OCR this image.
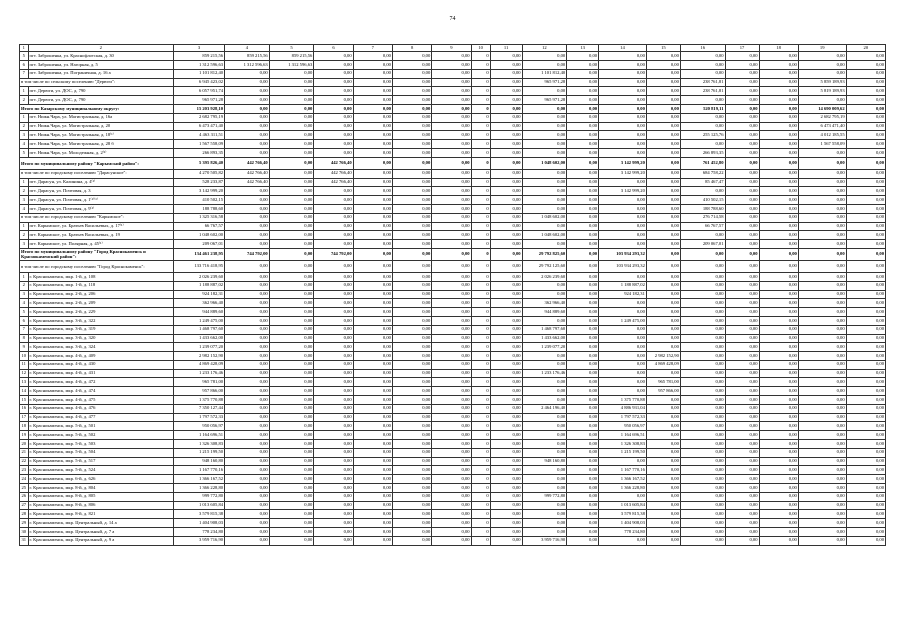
74
1	2	3	4	5	6	7	8	9	10	11	12	13	14	15	16	17	18	19	20
5	пгт. Заброшенка, ул. Краснофлотская, д. 30	859 215,56	859 215,56	859 215,56	0,00	0,00	0,00	0,00	0	0,00	0,00	0,00	0,00	0,00	0,00	0,00	0,00	0,00	0,00
6	пгт. Заброшенка, ул. Нагорная, д. 5	1 312 596,63	1 312 596,63	1 312 596,63	0,00	0,00	0,00	0,00	0	0,00	0,00	0,00	0,00	0,00	0,00	0,00	0,00	0,00	0,00
7	пгт. Заброшенка, ул. Пограничная, д. 16 а	1 101 812,40	0,00	0,00	0,00	0,00	0,00	0,00	0	0,00	1 101 812,40	0,00	0,00	0,00	0,00	0,00	0,00	0,00	0,00
в том числе по сельскому поселению "Дерюги":		6 945 423,02	0,00	0,00	0,00	0,00	0,00	0,00	0	0,00	965 971,28	0,00	0,00	0,00	238 761,81	0,00	0,00	5 859 189,93	0,00
1	пгт. Дерюги, ул. ДОС, д. 790	6 057 951,74	0,00	0,00	0,00	0,00	0,00	0,00	0	0,00	0,00	0,00	0,00	0,00	238 761,81	0,00	0,00	5 819 189,93	0,00
2	пгт. Дерюги, ул. ДОС, д. 790	965 971,28	0,00	0,00	0,00	0,00	0,00	0,00	0	0,00	965 971,28	0,00	0,00	0,00	0,00	0,00	0,00	0,00	0,00
Итого по Казарскому муниципальному округу:		15 203 928,10	0,00	0,00	0,00	0,00	0,00	0,00	0	0,00	0,00	0,00	0,00	0,00	520 819,11	0,00	0,00	14 690 009,62	0,00
1	пгт. Нижн.Чара, ул. Магистральная, д. 16а	2 682 795,19	0,00	0,00	0,00	0,00	0,00	0,00	0	0,00	0,00	0,00	0,00	0,00	0,00	0,00	0,00	2 682 795,19	0,00
2	пгт. Нижн.Чара, ул. Магистральная, д. 20	6 473 471,40	0,00	0,00	0,00	0,00	0,00	0,00	0	0,00	0,00	0,00	0,00	0,00	0,00	0,00	0,00	6 473 471,40	0,00
3	пгт. Нижн.Чара, ул. Магистральная, д. 18⁽¹⁾	4 463 311,51	0,00	0,00	0,00	0,00	0,00	0,00	0	0,00	0,00	0,00	0,00	0,00	255 125,76	0,00	0,00	4 012 185,55	0,00
4	пгт. Нижн.Чара, ул. Магистральная, д. 28 б	1 567 558,09	0,00	0,00	0,00	0,00	0,00	0,00	0	0,00	0,00	0,00	0,00	0,00	0,00	0,00	0,00	1 567 558,09	0,00
5	пгт. Нижн.Чара, ул. Молодежная, д. 2⁽¹⁾	266 893,35	0,00	0,00	0,00	0,00	0,00	0,00	0	0,00	0,00	0,00	0,00	0,00	266 893,35	0,00	0,00	0,00	0,00
Итого по муниципальному району "Карымский район":		5 395 826,40	442 766,40	0,00	442 766,40	0,00	0,00	0,00	0	0,00	1 048 602,00	0,00	3 142 999,20	0,00	761 452,80	0,00	0,00	0,00	0,00
в том числе по городскому поселению "Дарасунское":		4 270 505,82	442 766,40	0,00	442 766,40	0,00	0,00	0,00	0	0,00	0,00	0,00	3 142 999,20	0,00	684 758,22	0,00	0,00	0,00	0,00
1	пгт. Дарасун, ул. Калинина, д. 4⁽¹⁾	528 233,87	442 766,40	0,00	442 766,40	0,00	0,00	0,00	0	0,00	0,00	0,00	0,00	0,00	85 467,47	0,00	0,00	0,00	0,00
2	пгт. Дарасун, ул. Почтовая, д. 3	3 142 999,20	0,00	0,00	0,00	0,00	0,00	0,00	0	0,00	0,00	0,00	3 142 999,20	0,00	0,00	0,00	0,00	0,00	0,00
3	пгт. Дарасун, ул. Почтовая, д. 1⁽¹⁾⁽¹⁾	410 502,15	0,00	0,00	0,00	0,00	0,00	0,00	0	0,00	0,00	0,00	0,00	0,00	410 502,15	0,00	0,00	0,00	0,00
4	пгт. Дарасун, ул. Почтовая, д. 9⁽¹⁾	188 788,60	0,00	0,00	0,00	0,00	0,00	0,00	0	0,00	0,00	0,00	0,00	0,00	188 788,60	0,00	0,00	0,00	0,00
в том числе по городскому поселению "Карымское":		1 325 316,58	0,00	0,00	0,00	0,00	0,00	0,00	0	0,00	1 048 602,00	0,00	0,00	0,00	276 714,58	0,00	0,00	0,00	0,00
1	пгт. Карымское, ул. Братьев Васильевых, д. 17⁽¹⁾	66 767,57	0,00	0,00	0,00	0,00	0,00	0,00	0	0,00	0,00	0,00	0,00	0,00	66 767,57	0,00	0,00	0,00	0,00
2	пгт. Карымское, ул. Братьев Васильевых, д. 19	1 048 602,00	0,00	0,00	0,00	0,00	0,00	0,00	0	0,00	1 048 602,00	0,00	0,00	0,00	0,00	0,00	0,00	0,00	0,00
3	пгт. Карымское, ул. Полярная, д. 45⁽¹⁾	209 067,01	0,00	0,00	0,00	0,00	0,00	0,00	0	0,00	0,00	0,00	0,00	0,00	209 067,01	0,00	0,00	0,00	0,00
Итого по муниципальному району "Город Краснокаменск и Краснокаменский район":		134 461 238,95	744 792,00	0,00	744 792,00	0,00	0,00	0,00	0	0,00	29 792 825,60	0,00	103 934 293,32	0,00	0,00	0,00	0,00	0,00	0,00
в том числе по городскому поселению "Город Краснокаменск":		133 716 418,95	0,00	0,00	0,00	0,00	0,00	0,00	0	0,00	29 792 125,60	0,00	103 934 293,32	0,00	0,00	0,00	0,00	0,00	0,00
1	г. Краснокаменск, мкр. 1-й, д. 108	2 026 239,60	0,00	0,00	0,00	0,00	0,00	0,00	0	0,00	2 026 239,60	0,00	0,00	0,00	0,00	0,00	0,00	0,00	0,00
2	г. Краснокаменск, мкр. 1-й, д. 118	1 188 887,02	0,00	0,00	0,00	0,00	0,00	0,00	0	0,00	0,00	0,00	1 188 887,02	0,00	0,00	0,00	0,00	0,00	0,00
3	г. Краснокаменск, мкр. 2-й, д. 206	924 182,31	0,00	0,00	0,00	0,00	0,00	0,00	0	0,00	0,00	0,00	924 182,31	0,00	0,00	0,00	0,00	0,00	0,00
4	г. Краснокаменск, мкр. 2-й, д. 209	362 966,40	0,00	0,00	0,00	0,00	0,00	0,00	0	0,00	362 966,40	0,00	0,00	0,00	0,00	0,00	0,00	0,00	0,00
5	г. Краснокаменск, мкр. 2-й, д. 229	944 889,60	0,00	0,00	0,00	0,00	0,00	0,00	0	0,00	944 889,60	0,00	0,00	0,00	0,00	0,00	0,00	0,00	0,00
6	г. Краснокаменск, мкр. 3-й, д. 322	1 249 475,00	0,00	0,00	0,00	0,00	0,00	0,00	0	0,00	0,00	0,00	1 249 475,00	0,00	0,00	0,00	0,00	0,00	0,00
7	г. Краснокаменск, мкр. 3-й, д. 319	1 468 797,60	0,00	0,00	0,00	0,00	0,00	0,00	0	0,00	1 468 797,60	0,00	0,00	0,00	0,00	0,00	0,00	0,00	0,00
8	г. Краснокаменск, мкр. 3-й, д. 320	1 433 662,00	0,00	0,00	0,00	0,00	0,00	0,00	0	0,00	1 433 662,00	0,00	0,00	0,00	0,00	0,00	0,00	0,00	0,00
9	г. Краснокаменск, мкр. 3-й, д. 324	1 239 077,20	0,00	0,00	0,00	0,00	0,00	0,00	0	0,00	1 239 077,20	0,00	0,00	0,00	0,00	0,00	0,00	0,00	0,00
10	г. Краснокаменск, мкр. 4-й, д. 409	2 982 152,90	0,00	0,00	0,00	0,00	0,00	0,00	0	0,00	0,00	0,00	0,00	2 982 152,90	0,00	0,00	0,00	0,00	0,00
11	г. Краснокаменск, мкр. 4-й, д. 430	4 869 428,09	0,00	0,00	0,00	0,00	0,00	0,00	0	0,00	0,00	0,00	0,00	4 869 428,09	0,00	0,00	0,00	0,00	0,00
12	г. Краснокаменск, мкр. 4-й, д. 431	1 233 176,46	0,00	0,00	0,00	0,00	0,00	0,00	0	0,00	1 233 176,46	0,00	0,00	0,00	0,00	0,00	0,00	0,00	0,00
13	г. Краснокаменск, мкр. 4-й, д. 472	965 781,00	0,00	0,00	0,00	0,00	0,00	0,00	0	0,00	0,00	0,00	0,00	965 781,00	0,00	0,00	0,00	0,00	0,00
14	г. Краснокаменск, мкр. 4-й, д. 474	957 866,00	0,00	0,00	0,00	0,00	0,00	0,00	0	0,00	0,00	0,00	0,00	957 866,00	0,00	0,00	0,00	0,00	0,00
15	г. Краснокаменск, мкр. 4-й, д. 475	1 375 770,88	0,00	0,00	0,00	0,00	0,00	0,00	0	0,00	0,00	0,00	1 375 770,88	0,00	0,00	0,00	0,00	0,00	0,00
16	г. Краснокаменск, мкр. 4-й, д. 476	7 350 127,44	0,00	0,00	0,00	0,00	0,00	0,00	0	0,00	2 464 196,40	0,00	4 886 931,04	0,00	0,00	0,00	0,00	0,00	0,00
17	г. Краснокаменск, мкр. 4-й, д. 477	1 797 572,33	0,00	0,00	0,00	0,00	0,00	0,00	0	0,00	0,00	0,00	1 797 572,33	0,00	0,00	0,00	0,00	0,00	0,00
18	г. Краснокаменск, мкр. 5-й, д. 501	950 056,97	0,00	0,00	0,00	0,00	0,00	0,00	0	0,00	0,00	0,00	950 056,97	0,00	0,00	0,00	0,00	0,00	0,00
19	г. Краснокаменск, мкр. 5-й, д. 502	1 164 696,51	0,00	0,00	0,00	0,00	0,00	0,00	0	0,00	0,00	0,00	1 164 696,51	0,00	0,00	0,00	0,00	0,00	0,00
20	г. Краснокаменск, мкр. 5-й, д. 503	1 326 308,83	0,00	0,00	0,00	0,00	0,00	0,00	0	0,00	0,00	0,00	1 326 308,83	0,00	0,00	0,00	0,00	0,00	0,00
21	г. Краснокаменск, мкр. 5-й, д. 504	1 215 199,50	0,00	0,00	0,00	0,00	0,00	0,00	0	0,00	0,00	0,00	1 215 199,50	0,00	0,00	0,00	0,00	0,00	0,00
22	г. Краснокаменск, мкр. 5-й, д. 517	948 160,80	0,00	0,00	0,00	0,00	0,00	0,00	0	0,00	948 160,80	0,00	0,00	0,00	0,00	0,00	0,00	0,00	0,00
23	г. Краснокаменск, мкр. 5-й, д. 524	1 167 770,16	0,00	0,00	0,00	0,00	0,00	0,00	0	0,00	0,00	0,00	1 167 770,16	0,00	0,00	0,00	0,00	0,00	0,00
24	г. Краснокаменск, мкр. 6-й, д. 626	1 366 167,52	0,00	0,00	0,00	0,00	0,00	0,00	0	0,00	0,00	0,00	1 366 167,52	0,00	0,00	0,00	0,00	0,00	0,00
25	г. Краснокаменск, мкр. 8-й, д. 804	1 366 228,80	0,00	0,00	0,00	0,00	0,00	0,00	0	0,00	0,00	0,00	1 366 228,80	0,00	0,00	0,00	0,00	0,00	0,00
26	г. Краснокаменск, мкр. 8-й, д. 805	999 772,80	0,00	0,00	0,00	0,00	0,00	0,00	0	0,00	999 772,80	0,00	0,00	0,00	0,00	0,00	0,00	0,00	0,00
27	г. Краснокаменск, мкр. 8-й, д. 806	1 013 605,84	0,00	0,00	0,00	0,00	0,00	0,00	0	0,00	0,00	0,00	1 013 605,84	0,00	0,00	0,00	0,00	0,00	0,00
28	г. Краснокаменск, мкр. 8-й, д. 821	3 579 815,38	0,00	0,00	0,00	0,00	0,00	0,00	0	0,00	0,00	0,00	3 579 815,38	0,00	0,00	0,00	0,00	0,00	0,00
29	г. Краснокаменск, мкр. Центральный, д. 14 а	1 404 908,03	0,00	0,00	0,00	0,00	0,00	0,00	0	0,00	0,00	0,00	1 404 908,03	0,00	0,00	0,00	0,00	0,00	0,00
30	г. Краснокаменск, мкр. Центральный, д. 7 а	778 234,80	0,00	0,00	0,00	0,00	0,00	0,00	0	0,00	0,00	0,00	778 234,80	0,00	0,00	0,00	0,00	0,00	0,00
31	г. Краснокаменск, мкр. Центральный, д. 9 а	3 959 716,90	0,00	0,00	0,00	0,00	0,00	0,00	0	0,00	3 959 716,90	0,00	0,00	0,00	0,00	0,00	0,00	0,00	0,00
